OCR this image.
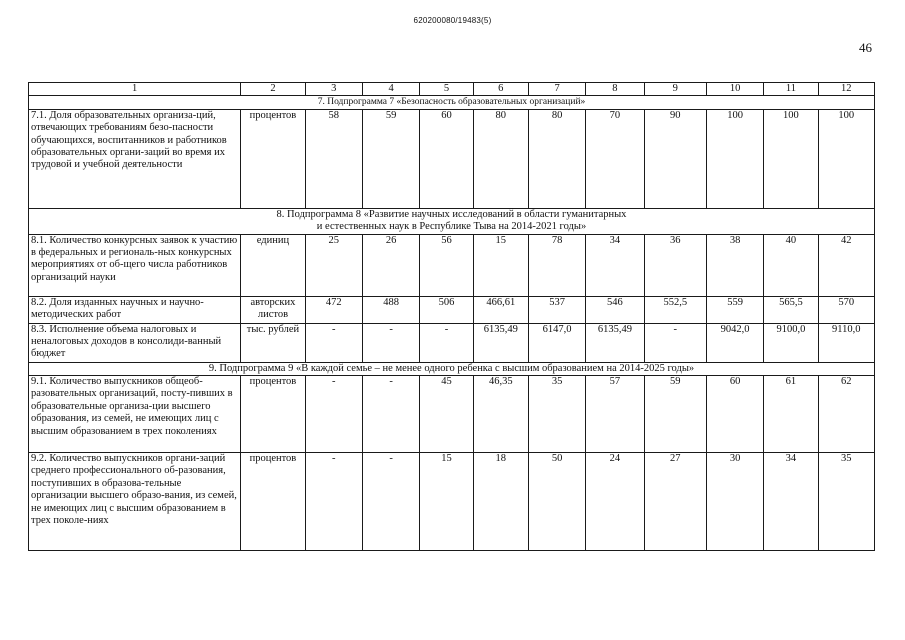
620200080/19483(5)
46
1	2	3	4	5	6	7	8	9	10	11	12

7. Подпрограмма 7 «Безопасность образовательных организаций»											

7.1. Доля образовательных организа-ций, отвечающих требованиям безо-пасности обучающихся, воспитанников и работников образовательных органи-заций во время их трудовой и учебной деятельности	процентов	58	59	60	80	80	70	90	100	100	100

8. Подпрограмма 8 «Развитие научных исследований в области гуманитарных
и естественных наук в Республике Тыва на 2014-2021 годы»											

8.1. Количество конкурсных заявок к участию в федеральных и региональ-ных конкурсных мероприятиях от об-щего числа работников организаций науки	единиц	25	26	56	15	78	34	36	38	40	42
8.2. Доля изданных научных и научно-методических работ	авторских листов	472	488	506	466,61	537	546	552,5	559	565,5	570
8.3. Исполнение объема налоговых и неналоговых доходов в консолиди-ванный бюджет	тыс. рублей	-	-	-	6135,49	6147,0	6135,49	-	9042,0	9100,0	9110,0

9. Подпрограмма 9 «В каждой семье – не менее одного ребенка с высшим образованием на 2014-2025 годы»											

9.1. Количество выпускников общеоб-разовательных организаций, посту-пивших в образовательные организа-ции высшего образования, из семей, не имеющих лиц с высшим образованием в трех поколениях	процентов	-	-	45	46,35	35	57	59	60	61	62
9.2. Количество выпускников органи-заций среднего профессионального об-разования, поступивших в образова-тельные организации высшего образо-вания, из семей, не имеющих лиц с высшим образованием в трех поколе-ниях	процентов	-	-	15	18	50	24	27	30	34	35
